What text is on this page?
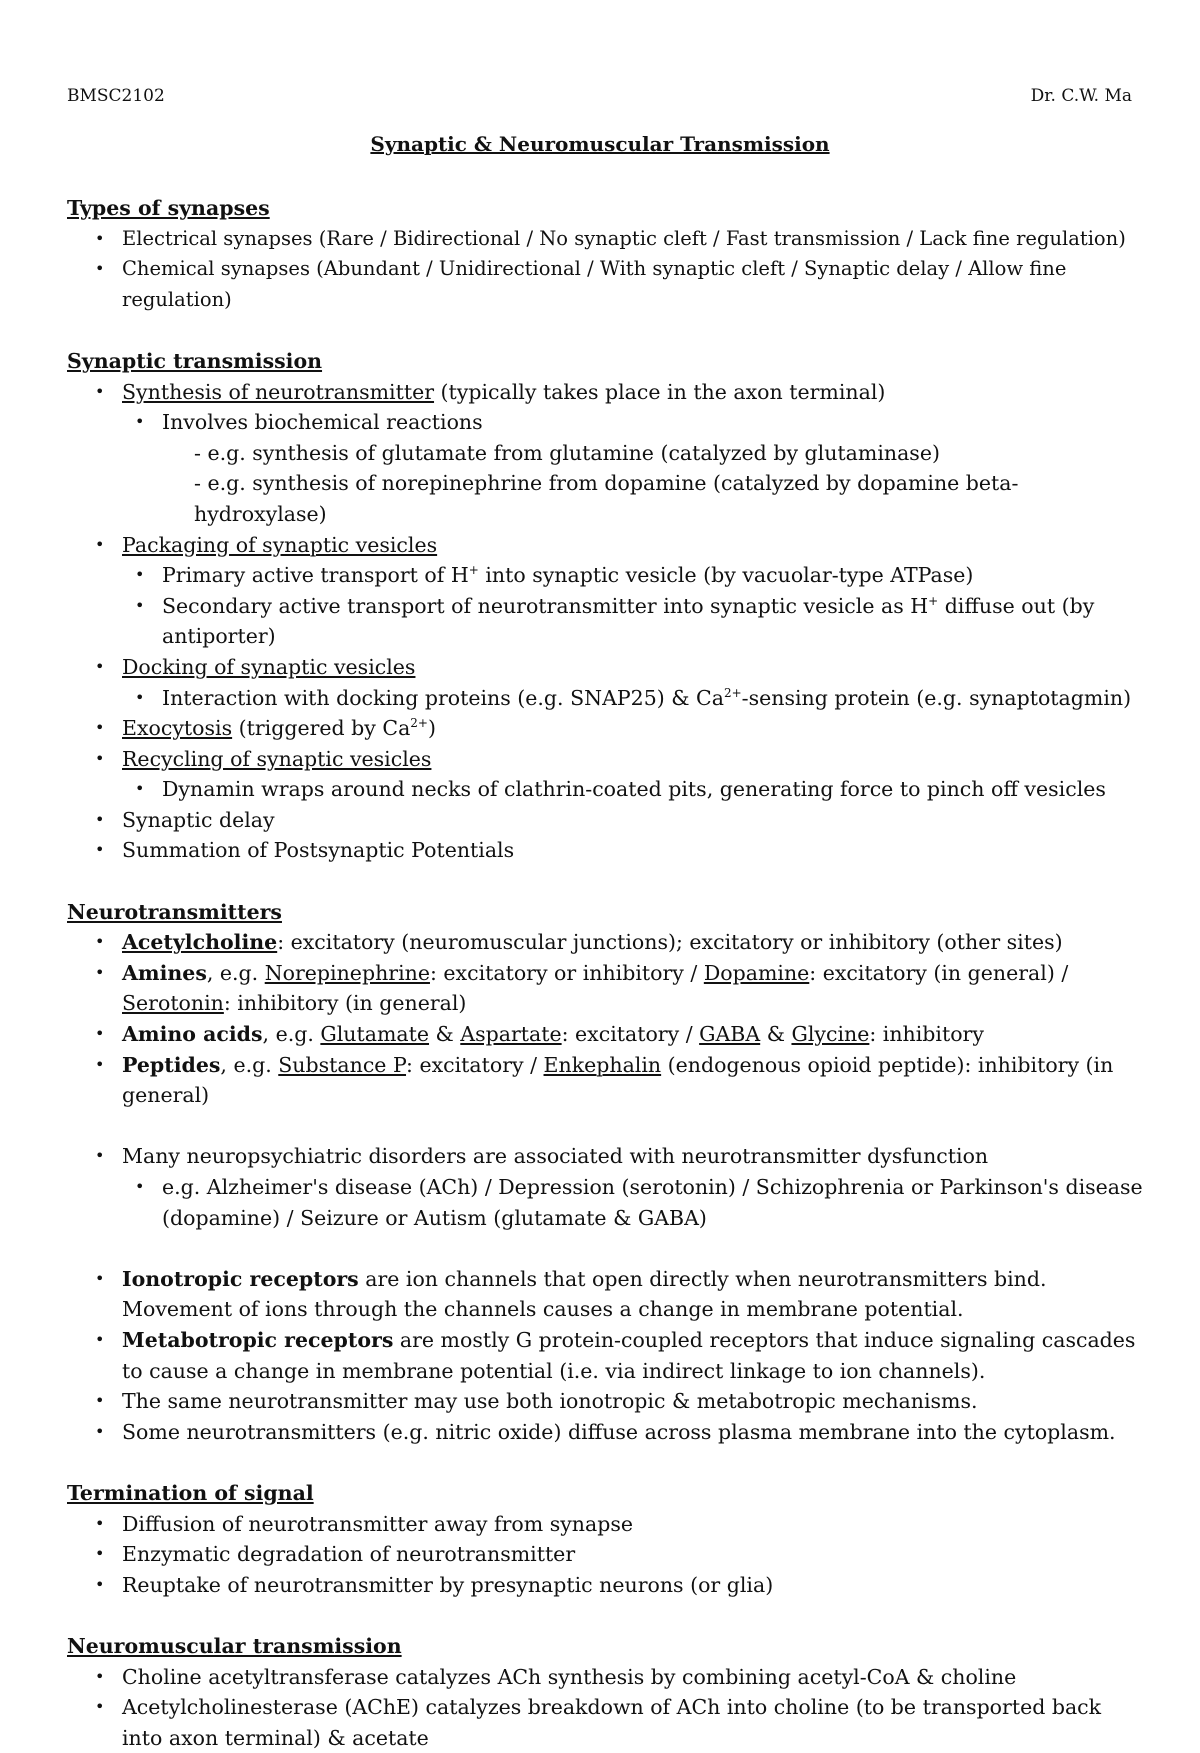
BMSC2102	Dr. C.W. Ma
Synaptic & Neuromuscular Transmission
Types of synapses
• Electrical synapses (Rare / Bidirectional / No synaptic cleft / Fast transmission / Lack fine regulation)
• Chemical synapses (Abundant / Unidirectional / With synaptic cleft / Synaptic delay / Allow fine regulation)
Synaptic transmission
• Synthesis of neurotransmitter (typically takes place in the axon terminal)
• Involves biochemical reactions
- e.g. synthesis of glutamate from glutamine (catalyzed by glutaminase)
- e.g. synthesis of norepinephrine from dopamine (catalyzed by dopamine beta-hydroxylase)
• Packaging of synaptic vesicles
• Primary active transport of H+ into synaptic vesicle (by vacuolar-type ATPase)
• Secondary active transport of neurotransmitter into synaptic vesicle as H+ diffuse out (by antiporter)
• Docking of synaptic vesicles
• Interaction with docking proteins (e.g. SNAP25) & $Ca^{2+}$-sensing protein (e.g. synaptotagmin)
• Exocytosis (triggered by $Ca^{2+}$)
• Recycling of synaptic vesicles
• Dynamin wraps around necks of clathrin-coated pits, generating force to pinch off vesicles
• Synaptic delay
• Summation of Postsynaptic Potentials
Neurotransmitters
• Acetylcholine: excitatory (neuromuscular junctions); excitatory or inhibitory (other sites)
• Amines, e.g. Norepinephrine: excitatory or inhibitory / Dopamine: excitatory (in general) / Serotonin: inhibitory (in general)
• Amino acids, e.g. Glutamate & Aspartate: excitatory / GABA & Glycine: inhibitory
• Peptides, e.g. Substance P: excitatory / Enkephalin (endogenous opioid peptide): inhibitory (in general)
• Many neuropsychiatric disorders are associated with neurotransmitter dysfunction
• e.g. Alzheimer's disease (ACh) / Depression (serotonin) / Schizophrenia or Parkinson's disease (dopamine) / Seizure or Autism (glutamate & GABA)
• Ionotropic receptors are ion channels that open directly when neurotransmitters bind.    Movement of ions through the channels causes a change in membrane potential.
• Metabotropic receptors are mostly G protein-coupled receptors that induce signaling cascades to cause a change in membrane potential (i.e. via indirect linkage to ion channels).
• The same neurotransmitter may use both ionotropic & metabotropic mechanisms.
• Some neurotransmitters (e.g. nitric oxide) diffuse across plasma membrane into the cytoplasm.
Termination of signal
• Diffusion of neurotransmitter away from synapse
• Enzymatic degradation of neurotransmitter
• Reuptake of neurotransmitter by presynaptic neurons (or glia)
Neuromuscular transmission
• Choline acetyltransferase catalyzes ACh synthesis by combining acetyl-CoA & choline
• Acetylcholinesterase (AChE) catalyzes breakdown of ACh into choline (to be transported back into axon terminal) & acetate
